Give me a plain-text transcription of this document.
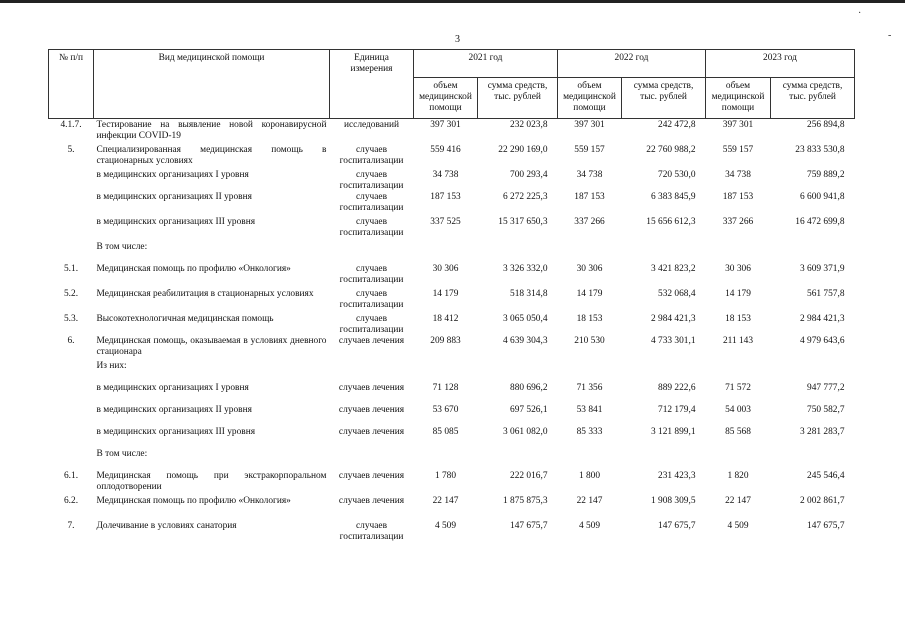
·
-
3
№ п/п	Вид медицинской помощи	Единица измерения	2021 год		2022 год		2023 год	
			объем медицинской помощи	сумма средств, тыс. рублей	объем медицинской помощи	сумма средств, тыс. рублей	объем медицинской помощи	сумма средств, тыс. рублей
4.1.7.	Тестирование на выявление новой коронавирусной инфекции COVID-19	исследований	397 301	232 023,8	397 301	242 472,8	397 301	256 894,8
5.	Специализированная медицинская помощь в стационарных условиях	случаев госпитализации	559 416	22 290 169,0	559 157	22 760 988,2	559 157	23 833 530,8
	в медицинских организациях I уровня	случаев госпитализации	34 738	700 293,4	34 738	720 530,0	34 738	759 889,2
	в медицинских организациях II уровня	случаев госпитализации	187 153	6 272 225,3	187 153	6 383 845,9	187 153	6 600 941,8
	в медицинских организациях III уровня	случаев госпитализации	337 525	15 317 650,3	337 266	15 656 612,3	337 266	16 472 699,8
	В том числе:							
5.1.	Медицинская помощь по профилю «Онкология»	случаев госпитализации	30 306	3 326 332,0	30 306	3 421 823,2	30 306	3 609 371,9
5.2.	Медицинская реабилитация в стационарных условиях	случаев госпитализации	14 179	518 314,8	14 179	532 068,4	14 179	561 757,8
5.3.	Высокотехнологичная медицинская помощь	случаев госпитализации	18 412	3 065 050,4	18 153	2 984 421,3	18 153	2 984 421,3
6.	Медицинская помощь, оказываемая в условиях дневного стационара	случаев лечения	209 883	4 639 304,3	210 530	4 733 301,1	211 143	4 979 643,6
	Из них:							
	в медицинских организациях I уровня	случаев лечения	71 128	880 696,2	71 356	889 222,6	71 572	947 777,2
	в медицинских организациях II уровня	случаев лечения	53 670	697 526,1	53 841	712 179,4	54 003	750 582,7
	в медицинских организациях III уровня	случаев лечения	85 085	3 061 082,0	85 333	3 121 899,1	85 568	3 281 283,7
	В том числе:							
6.1.	Медицинская помощь при экстракорпоральном оплодотворении	случаев лечения	1 780	222 016,7	1 800	231 423,3	1 820	245 546,4
6.2.	Медицинская помощь по профилю «Онкология»	случаев лечения	22 147	1 875 875,3	22 147	1 908 309,5	22 147	2 002 861,7
7.	Долечивание в условиях санатория	случаев госпитализации	4 509	147 675,7	4 509	147 675,7	4 509	147 675,7
